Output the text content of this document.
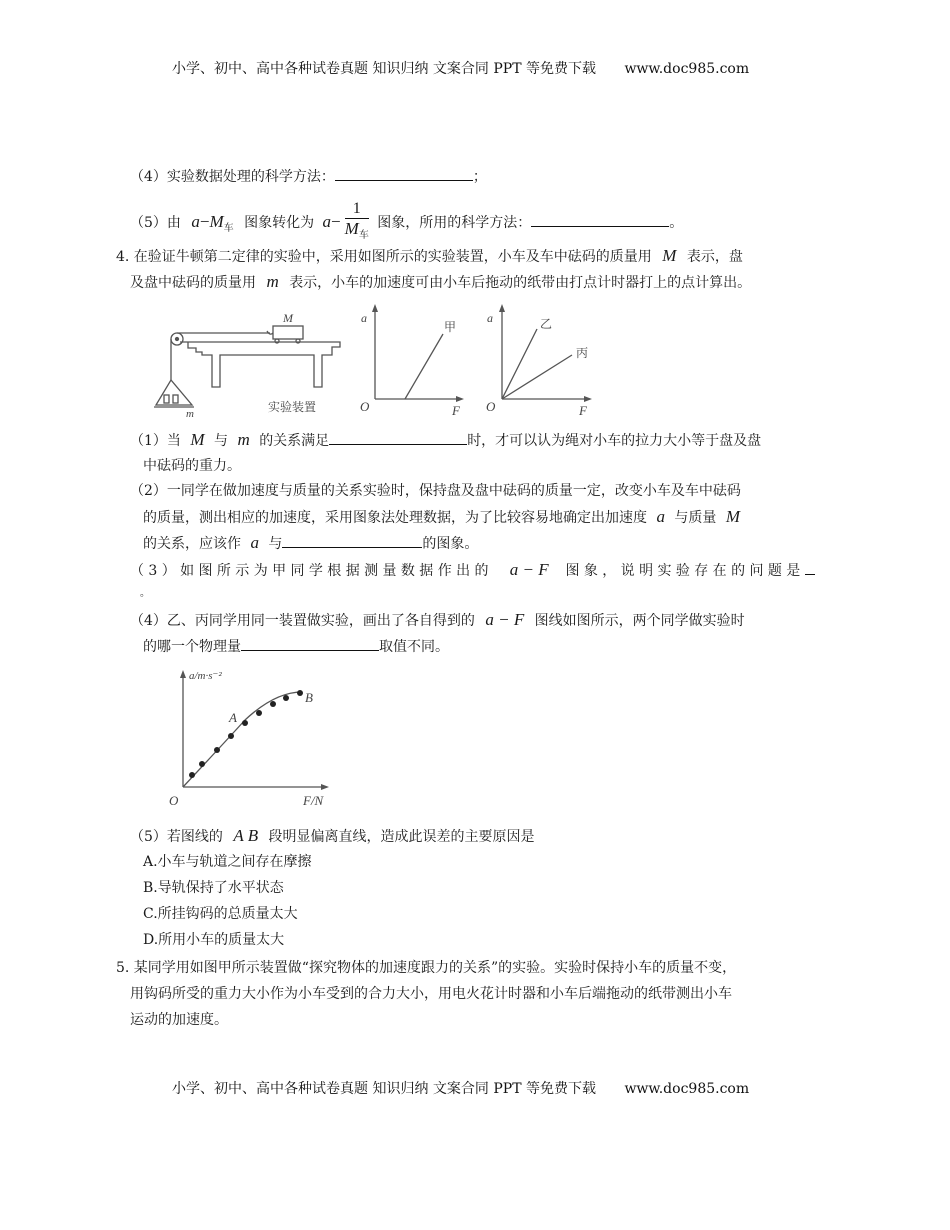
小学、初中、高中各种试卷真题 知识归纳 文案合同 PPT 等免费下载 www.doc985.com
（4）实验数据处理的科学方法：	；
（5）由 $a-M_车$ 图象转化为 $a- \frac{1}{M_车}$ 图象，所用的科学方法：	。
4. 在验证牛顿第二定律的实验中，采用如图所示的实验装置，小车及车中砝码的质量用 M 表示，盘
及盘中砝码的质量用 m 表示，小车的加速度可由小车后拖动的纸带由打点计时器打上的点计算出。
M
m	实验装置
a
F
O
甲
a
F
O
乙
丙
（1）当 M 与 m 的关系满足	时，才可以认为绳对小车的拉力大小等于盘及盘
中砝码的重力。
（2）一同学在做加速度与质量的关系实验时，保持盘及盘中砝码的质量一定，改变小车及车中砝码
的质量，测出相应的加速度，采用图象法处理数据，为了比较容易地确定出加速度 a 与质量 M
的关系，应该作 a 与	的图象。
（3）如图所示为甲同学根据测量数据作出的 a − F 图象，说明实验存在的问题是
。
（4）乙、丙同学用同一装置做实验，画出了各自得到的 a − F 图线如图所示，两个同学做实验时
的哪一个物理量	取值不同。
a/m·s⁻²
F/N
O
A
B
（5）若图线的 A B 段明显偏离直线，造成此误差的主要原因是
A.小车与轨道之间存在摩擦
B.导轨保持了水平状态
C.所挂钩码的总质量太大
D.所用小车的质量太大
5. 某同学用如图甲所示装置做“探究物体的加速度跟力的关系”的实验。实验时保持小车的质量不变，
用钩码所受的重力大小作为小车受到的合力大小，用电火花计时器和小车后端拖动的纸带测出小车
运动的加速度。
小学、初中、高中各种试卷真题 知识归纳 文案合同 PPT 等免费下载 www.doc985.com
